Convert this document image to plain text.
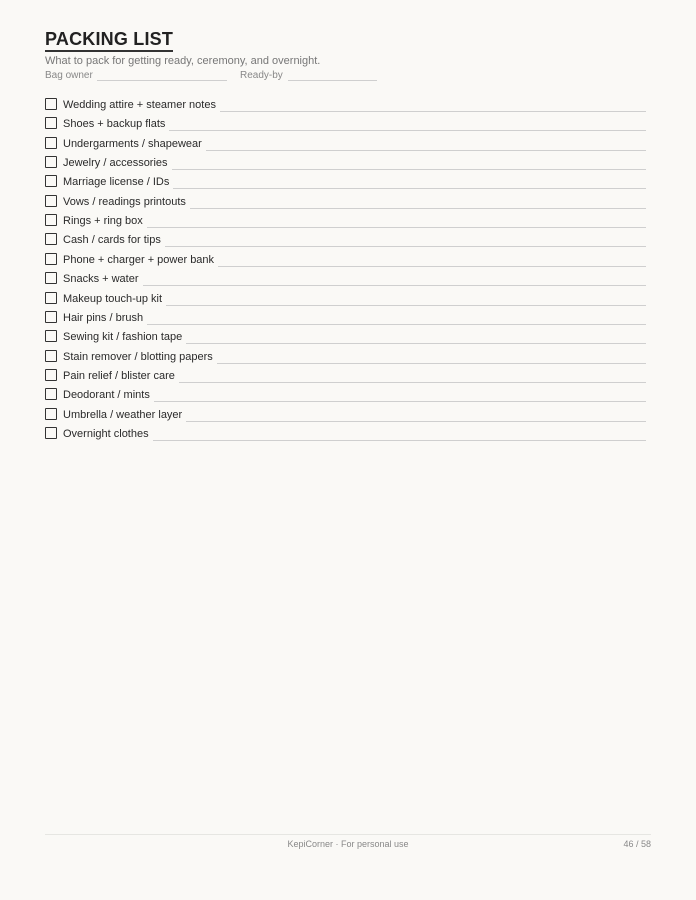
PACKING LIST
What to pack for getting ready, ceremony, and overnight.
Bag owner	Ready-by
Wedding attire + steamer notes
Shoes + backup flats
Undergarments / shapewear
Jewelry / accessories
Marriage license / IDs
Vows / readings printouts
Rings + ring box
Cash / cards for tips
Phone + charger + power bank
Snacks + water
Makeup touch-up kit
Hair pins / brush
Sewing kit / fashion tape
Stain remover / blotting papers
Pain relief / blister care
Deodorant / mints
Umbrella / weather layer
Overnight clothes
KepiCorner · For personal use	46 / 58
